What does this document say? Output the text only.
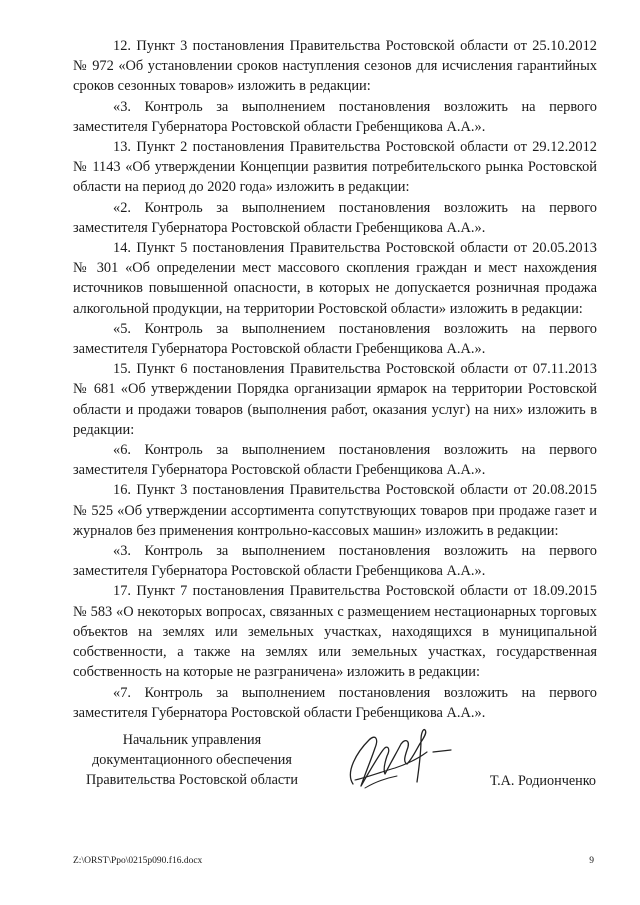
12. Пункт 3 постановления Правительства Ростовской области от 25.10.2012 № 972 «Об установлении сроков наступления сезонов для исчисления гарантийных сроков сезонных товаров» изложить в редакции:

«3. Контроль за выполнением постановления возложить на первого заместителя Губернатора Ростовской области Гребенщикова А.А.».

13. Пункт 2 постановления Правительства Ростовской области от 29.12.2012 № 1143 «Об утверждении Концепции развития потребительского рынка Ростовской области на период до 2020 года» изложить в редакции:

«2. Контроль за выполнением постановления возложить на первого заместителя Губернатора Ростовской области Гребенщикова А.А.».

14. Пункт 5 постановления Правительства Ростовской области от 20.05.2013 № 301 «Об определении мест массового скопления граждан и мест нахождения источников повышенной опасности, в которых не допускается розничная продажа алкогольной продукции, на территории Ростовской области» изложить в редакции:

«5. Контроль за выполнением постановления возложить на первого заместителя Губернатора Ростовской области Гребенщикова А.А.».

15. Пункт 6 постановления Правительства Ростовской области от 07.11.2013 № 681 «Об утверждении Порядка организации ярмарок на территории Ростовской области и продажи товаров (выполнения работ, оказания услуг) на них» изложить в редакции:

«6. Контроль за выполнением постановления возложить на первого заместителя Губернатора Ростовской области Гребенщикова А.А.».

16. Пункт 3 постановления Правительства Ростовской области от 20.08.2015 № 525 «Об утверждении ассортимента сопутствующих товаров при продаже газет и журналов без применения контрольно-кассовых машин» изложить в редакции:

«3. Контроль за выполнением постановления возложить на первого заместителя Губернатора Ростовской области Гребенщикова А.А.».

17. Пункт 7 постановления Правительства Ростовской области от 18.09.2015 № 583 «О некоторых вопросах, связанных с размещением нестационарных торговых объектов на землях или земельных участках, находящихся в муниципальной собственности, а также на землях или земельных участках, государственная собственность на которые не разграничена» изложить в редакции:

«7. Контроль за выполнением постановления возложить на первого заместителя Губернатора Ростовской области Гребенщикова А.А.».

Начальник управления
документационного обеспечения
Правительства Ростовской области	Т.А. Родионченко
Z:\ORST\Ppo\0215p090.f16.docx	9
